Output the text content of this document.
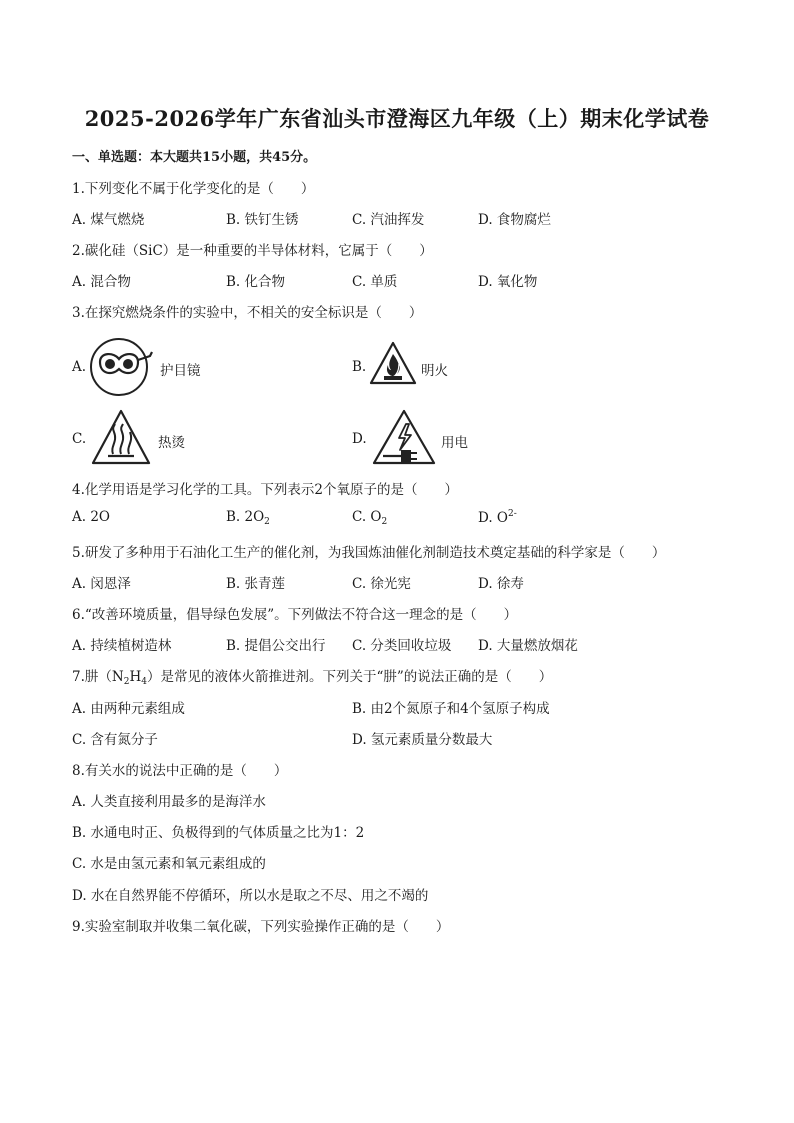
2025-2026学年广东省汕头市澄海区九年级（上）期末化学试卷
一、单选题：本大题共15小题，共45分。
1.下列变化不属于化学变化的是（　　）
A. 煤气燃烧	B. 铁钉生锈	C. 汽油挥发	D. 食物腐烂
2.碳化硅（SiC）是一种重要的半导体材料，它属于（　　）
A. 混合物	B. 化合物	C. 单质	D. 氧化物
3.在探究燃烧条件的实验中，不相关的安全标识是（　　）
A.	护目镜	B.	明火
C.	热烫	D.	用电
4.化学用语是学习化学的工具。下列表示2个氧原子的是（　　）
A. 2O	B. $2O_2$	C. $O_2$	D. $O^{2-}$
5.研发了多种用于石油化工生产的催化剂，为我国炼油催化剂制造技术奠定基础的科学家是（　　）
A. 闵恩泽	B. 张青莲	C. 徐光宪	D. 徐寿
6.“改善环境质量，倡导绿色发展”。下列做法不符合这一理念的是（　　）
A. 持续植树造林	B. 提倡公交出行 C. 分类回收垃圾 D. 大量燃放烟花
7.肼$(N_2H_4)$是常见的液体火箭推进剂。下列关于“肼”的说法正确的是（　　）
A. 由两种元素组成	B. 由2个氮原子和4个氢原子构成
C. 含有氮分子	D. 氢元素质量分数最大
8.有关水的说法中正确的是（　　）
A. 人类直接利用最多的是海洋水
B. 水通电时正、负极得到的气体质量之比为1：2
C. 水是由氢元素和氧元素组成的
D. 水在自然界能不停循环，所以水是取之不尽、用之不竭的
9.实验室制取并收集二氧化碳，下列实验操作正确的是（　　）
